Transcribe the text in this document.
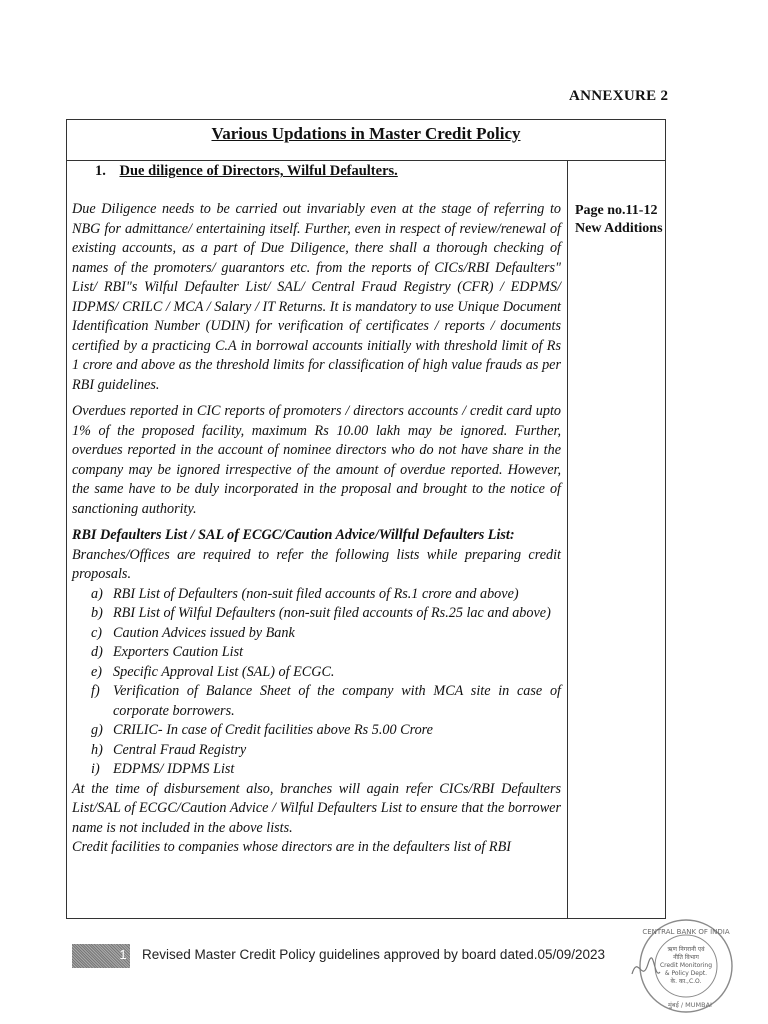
ANNEXURE 2
Various Updations in Master Credit Policy
1. Due diligence of Directors, Wilful Defaulters.
Page no.11-12
New Additions

Due Diligence needs to be carried out invariably even at the stage of referring to NBG for admittance/ entertaining itself. Further, even in respect of review/renewal of existing accounts, as a part of Due Diligence, there shall a thorough checking of names of the promoters/ guarantors etc. from the reports of CICs/RBI Defaulters" List/ RBI"s Wilful Defaulter List/ SAL/ Central Fraud Registry (CFR) / EDPMS/ IDPMS/ CRILC / MCA / Salary / IT Returns. It is mandatory to use Unique Document Identification Number (UDIN) for verification of certificates / reports / documents certified by a practicing C.A in borrowal accounts initially with threshold limit of Rs 1 crore and above as the threshold limits for classification of high value frauds as per RBI guidelines.

Overdues reported in CIC reports of promoters / directors accounts / credit card upto 1% of the proposed facility, maximum Rs 10.00 lakh may be ignored. Further, overdues reported in the account of nominee directors who do not have share in the company may be ignored irrespective of the amount of overdue reported. However, the same have to be duly incorporated in the proposal and brought to the notice of sanctioning authority.

RBI Defaulters List / SAL of ECGC/Caution Advice/Willful Defaulters List:
Branches/Offices are required to refer the following lists while preparing credit proposals.
a) RBI List of Defaulters (non-suit filed accounts of Rs.1 crore and above)
b) RBI List of Wilful Defaulters (non-suit filed accounts of Rs.25 lac and above)
c) Caution Advices issued by Bank
d) Exporters Caution List
e) Specific Approval List (SAL) of ECGC.
f) Verification of Balance Sheet of the company with MCA site in case of corporate borrowers.
g) CRILIC- In case of Credit facilities above Rs 5.00 Crore
h) Central Fraud Registry
i) EDPMS/ IDPMS List
At the time of disbursement also, branches will again refer CICs/RBI Defaulters List/SAL of ECGC/Caution Advice / Wilful Defaulters List to ensure that the borrower name is not included in the above lists.
Credit facilities to companies whose directors are in the defaulters list of RBI
1 Revised Master Credit Policy guidelines approved by board dated.05/09/2023
CENTRAL BANK OF INDIA
ऋण निगरानी एवं
नीति विभाग
Credit Monitoring
& Policy Dept.
के. का.,C.O.
मुंबई / MUMBAI
